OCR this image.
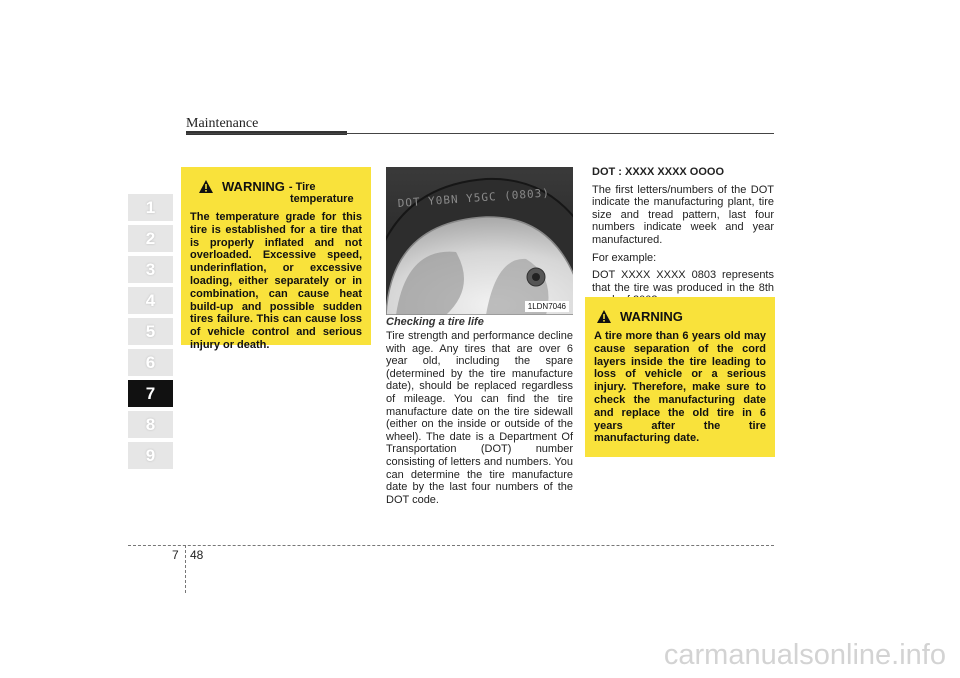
Maintenance
1
2
3
4
5
6
7
8
9
WARNING - Tire
temperature
The temperature grade for this tire is established for a tire that is properly inflated and not overloaded. Excessive speed, underinflation, or excessive loading, either separately or in combination, can cause heat build-up and possible sudden tires failure. This can cause loss of vehicle control and serious injury or death.
DOT Y0BN Y5GC (0803)
1LDN7046
Checking a tire life
Tire strength and performance decline with age. Any tires that are over 6 year old, including the spare (determined by the tire manufacture date), should be replaced regardless of mileage. You can find the tire manufacture date on the tire sidewall (either on the inside or outside of the wheel). The date is a Department Of Transportation (DOT) number consisting of letters and numbers. You can determine the tire manufacture date by the last four numbers of the DOT code.

DOT : XXXX XXXX OOOO

The first letters/numbers of the DOT indicate the manufacturing plant, tire size and tread pattern, last four numbers indicate week and year manufactured.

For example:

DOT XXXX XXXX 0803 represents that the tire was produced in the 8th

WARNING
A tire more than 6 years old may cause separation of the cord layers inside the tire leading to loss of vehicle or a serious injury. Therefore, make sure to check the manufacturing date and replace the old tire in 6 years after the tire manufacturing date.
7 48
carmanualsonline.info
